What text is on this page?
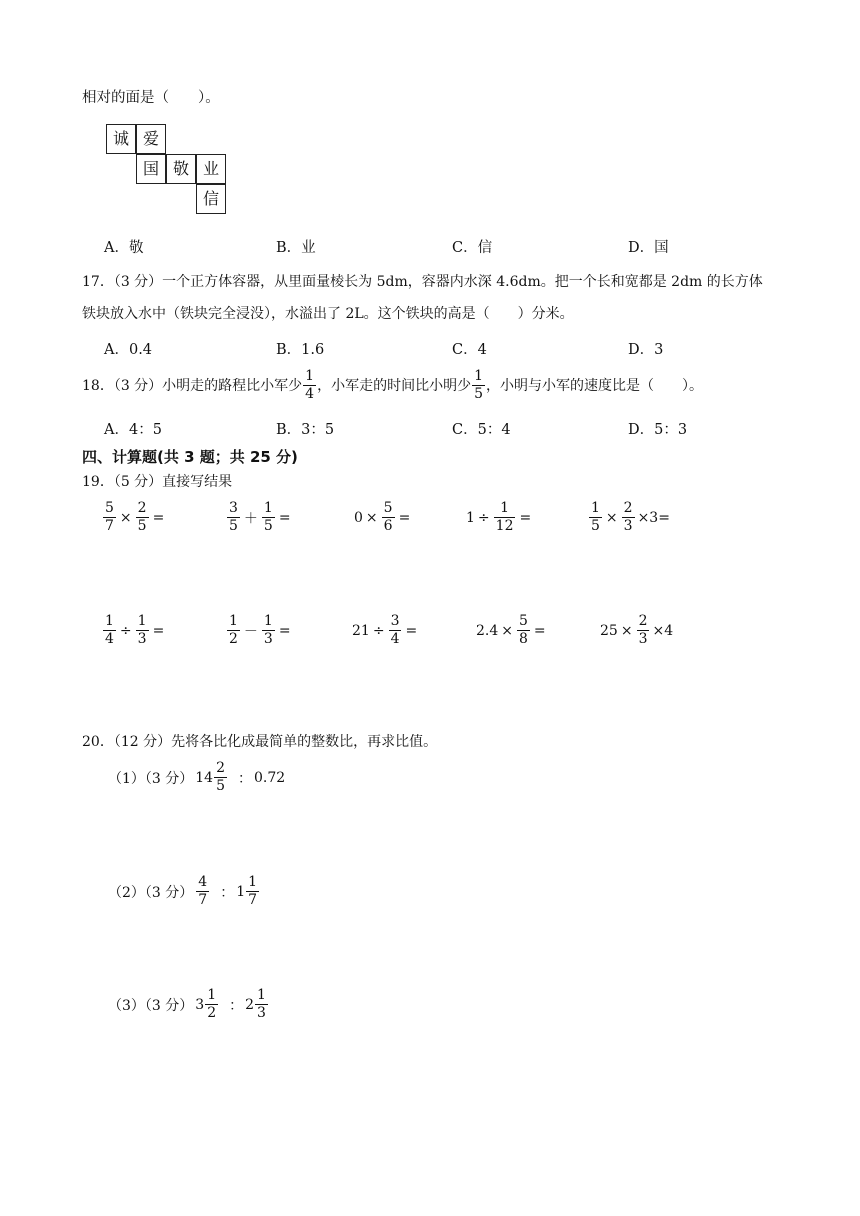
相对的面是（　　）。
诚 爱
国 敬 业
信
A．敬	B．业	C．信	D．国
17．（3 分）一个正方体容器，从里面量棱长为 5dm，容器内水深 4.6dm。把一个长和宽都是 2dm 的长方体
铁块放入水中（铁块完全浸没），水溢出了 2L。这个铁块的高是（　　）分米。
A．0.4	B．1.6	C．4	D．3
18．（3 分）小明走的路程比小军少 $\frac{1}{4}$ ，小军走的时间比小明少 $\frac{1}{5}$ ，小明与小军的速度比是（　　）。
A．4：5	B．3：5	C．5：4	D．5：3
四、计算题(共 3 题；共 25 分)
19．（5 分）直接写结果
$\frac{5}{7} \times \frac{2}{5}$ =	$\frac{3}{5} + \frac{1}{5}$ =	$0 \times \frac{5}{6}$ =	$1 \div \frac{1}{12}$ =	$\frac{1}{5} \times \frac{2}{3} \times 3=$
$\frac{1}{4} \div \frac{1}{3}$ =	$\frac{1}{2} - \frac{1}{3}$ =	$21 \div \frac{3}{4}$ =	$2.4 \times \frac{5}{8}$ =	$25 \times \frac{2}{3} \times 4$
20．（12 分）先将各比化成最简单的整数比，再求比值。
（1）（3 分） $14 \frac{2}{5}$ ： 0.72
（2）（3 分） $\frac{4}{7}$ ： $1 \frac{1}{7}$
（3）（3 分） $3 \frac{1}{2}$ ： $2 \frac{1}{3}$
